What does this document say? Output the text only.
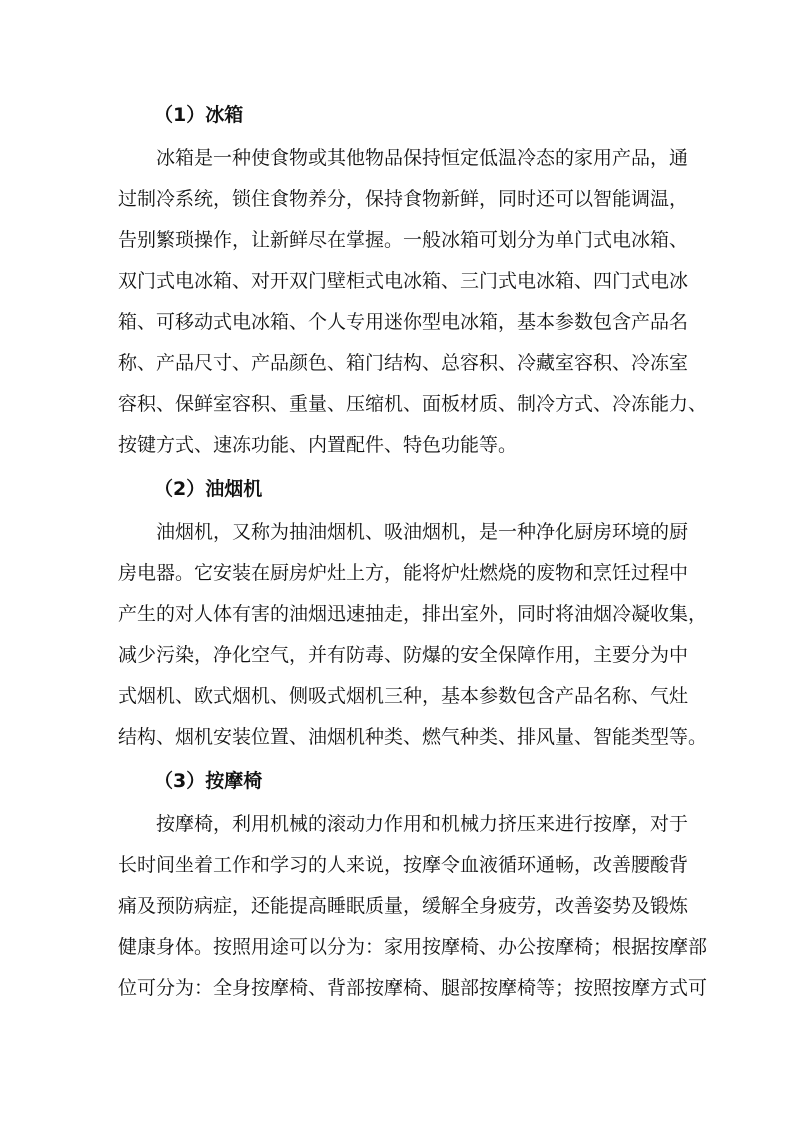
（1）冰箱

冰箱是一种使食物或其他物品保持恒定低温冷态的家用产品，通
过制冷系统，锁住食物养分，保持食物新鲜，同时还可以智能调温，
告别繁琐操作，让新鲜尽在掌握。一般冰箱可划分为单门式电冰箱、
双门式电冰箱、对开双门壁柜式电冰箱、三门式电冰箱、四门式电冰
箱、可移动式电冰箱、个人专用迷你型电冰箱，基本参数包含产品名
称、产品尺寸、产品颜色、箱门结构、总容积、冷藏室容积、冷冻室
容积、保鲜室容积、重量、压缩机、面板材质、制冷方式、冷冻能力、
按键方式、速冻功能、内置配件、特色功能等。

（2）油烟机

油烟机，又称为抽油烟机、吸油烟机，是一种净化厨房环境的厨
房电器。它安装在厨房炉灶上方，能将炉灶燃烧的废物和烹饪过程中
产生的对人体有害的油烟迅速抽走，排出室外，同时将油烟冷凝收集，
减少污染，净化空气，并有防毒、防爆的安全保障作用，主要分为中
式烟机、欧式烟机、侧吸式烟机三种，基本参数包含产品名称、气灶
结构、烟机安装位置、油烟机种类、燃气种类、排风量、智能类型等。

（3）按摩椅

按摩椅，利用机械的滚动力作用和机械力挤压来进行按摩，对于
长时间坐着工作和学习的人来说，按摩令血液循环通畅，改善腰酸背
痛及预防病症，还能提高睡眠质量，缓解全身疲劳，改善姿势及锻炼
健康身体。按照用途可以分为：家用按摩椅、办公按摩椅；根据按摩部
位可分为：全身按摩椅、背部按摩椅、腿部按摩椅等；按照按摩方式可
